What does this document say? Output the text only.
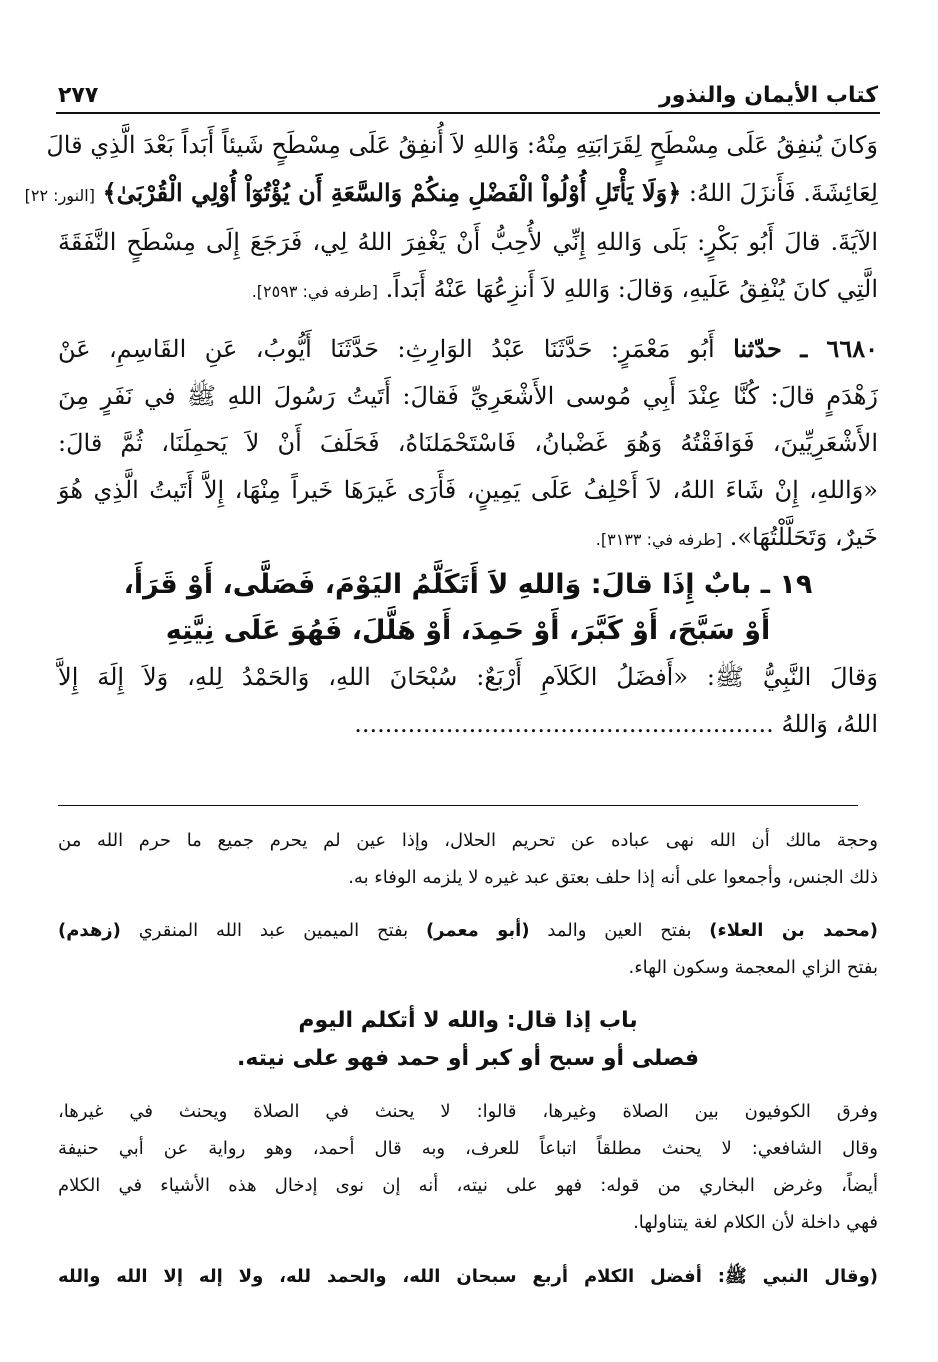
كتاب الأيمان والنذور
٢٧٧
وَكانَ يُنفِقُ عَلَى مِسْطَحٍ لِقَرَابَتِهِ مِنْهُ: وَاللهِ لاَ أُنفِقُ عَلَى مِسْطَحٍ شَيئاً أَبَداً بَعْدَ الَّذِي قالَ
لِعَائِشَةَ. فَأَنزَلَ اللهُ: ﴿وَلَا يَأْتَلِ أُوْلُواْ الْفَضْلِ مِنكُمْ وَالسَّعَةِ أَن يُؤْتُوٓاْ أُوْلِي الْقُرْبَىٰ﴾ [النور: ٢٢]
الآيَةَ. قالَ أَبُو بَكْرٍ: بَلَى وَاللهِ إِنِّي لأُحِبُّ أَنْ يَغْفِرَ اللهُ لِي، فَرَجَعَ إِلَى مِسْطَحٍ النَّفَقَةَ
الَّتِي كانَ يُنْفِقُ عَلَيهِ، وَقالَ: وَاللهِ لاَ أَنزِعُهَا عَنْهُ أَبَداً. [طرفه في: ٢٥٩٣].
٦٦٨٠ ـ حدّثنا أَبُو مَعْمَرٍ: حَدَّثَنَا عَبْدُ الوَارِثِ: حَدَّثَنَا أَيُّوبُ، عَنِ القَاسِمِ، عَنْ
زَهْدَمٍ قالَ: كُنَّا عِنْدَ أَبِي مُوسى الأَشْعَرِيِّ فَقالَ: أَتَيتُ رَسُولَ اللهِ ﷺ في نَفَرٍ مِنَ
الأَشْعَرِيِّينَ، فَوَافَقْتُهُ وَهُوَ غَضْبانُ، فَاسْتَحْمَلنَاهُ، فَحَلَفَ أَنْ لاَ يَحمِلَنَا، ثُمَّ قالَ:
«وَاللهِ، إِنْ شَاءَ اللهُ، لاَ أَحْلِفُ عَلَى يَمِينٍ، فَأَرَى غَيرَهَا خَيراً مِنْهَا، إِلاَّ أَتَيتُ الَّذِي هُوَ
خَيرٌ، وَتَحَلَّلْتُهَا». [طرفه في: ٣١٣٣].
١٩ ـ بابٌ إِذَا قالَ: وَاللهِ لاَ أَتَكَلَّمُ اليَوْمَ، فَصَلَّى، أَوْ قَرَأَ،
أَوْ سَبَّحَ، أَوْ كَبَّرَ، أَوْ حَمِدَ، أَوْ هَلَّلَ، فَهُوَ عَلَى نِيَّتِهِ
وَقالَ النَّبِيُّ ﷺ: «أَفضَلُ الكَلاَمِ أَرْبَعٌ: سُبْحَانَ اللهِ، وَالحَمْدُ لِلهِ، وَلاَ إِلَهَ إِلاَّ
اللهُ، وَاللهُ .......................................................
وحجة مالك أن الله نهى عباده عن تحريم الحلال، وإذا عين لم يحرم جميع ما حرم الله من
ذلك الجنس، وأجمعوا على أنه إذا حلف بعتق عبد غيره لا يلزمه الوفاء به.
(محمد بن العلاء) بفتح العين والمد (أبو معمر) بفتح الميمين عبد الله المنقري (زهدم)
بفتح الزاي المعجمة وسكون الهاء.
باب إذا قال: والله لا أتكلم اليوم
فصلى أو سبح أو كبر أو حمد فهو على نيته.
وفرق الكوفيون بين الصلاة وغيرها، قالوا: لا يحنث في الصلاة ويحنث في غيرها،
وقال الشافعي: لا يحنث مطلقاً اتباعاً للعرف، وبه قال أحمد، وهو رواية عن أبي حنيفة
أيضاً، وغرض البخاري من قوله: فهو على نيته، أنه إن نوى إدخال هذه الأشياء في الكلام
فهي داخلة لأن الكلام لغة يتناولها.
(وقال النبي ﷺ: أفضل الكلام أربع سبحان الله، والحمد لله، ولا إله إلا الله والله
